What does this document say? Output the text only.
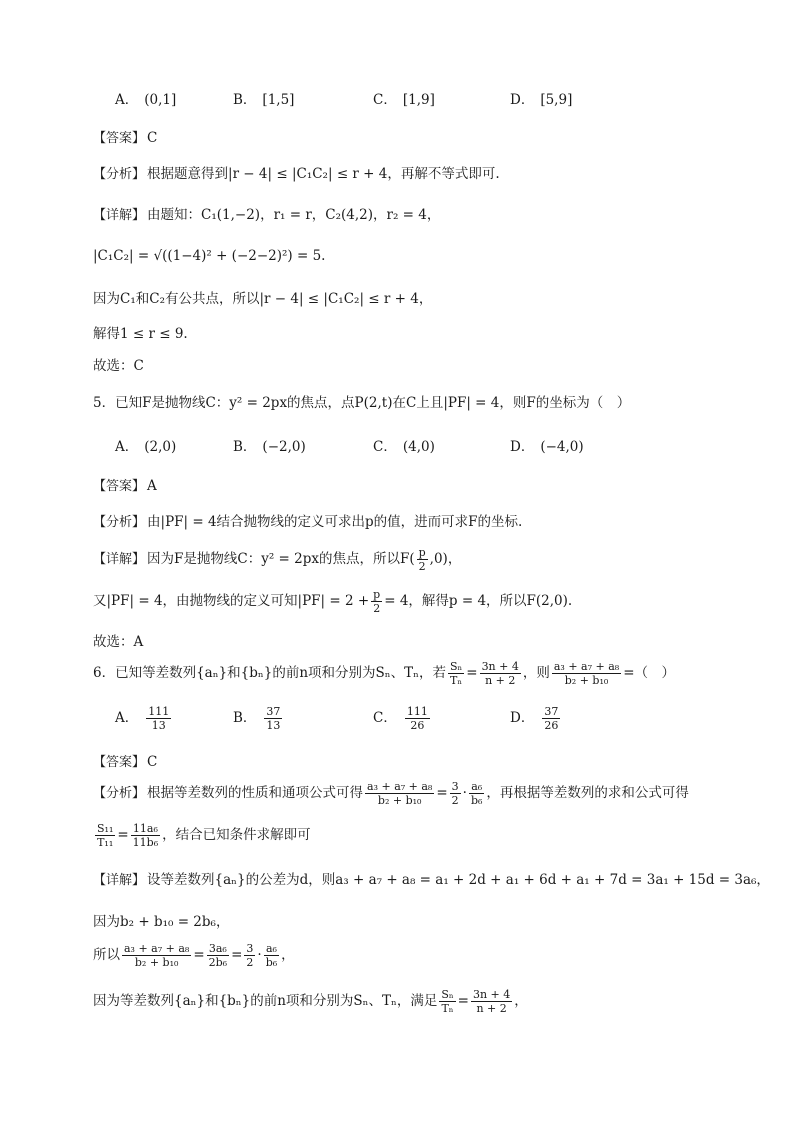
A． (0,1]	B． [1,5]	C． [1,9]	D． [5,9]
【答案】 C
【分析】 根据题意得到|r − 4| ≤ |C₁C₂| ≤ r + 4，再解不等式即可.
【详解】 由题知：C₁(1,−2)，r₁ = r，C₂(4,2)，r₂ = 4，
|C₁C₂| = √((1−4)² + (−2−2)²) = 5.
因为C₁和C₂有公共点，所以|r − 4| ≤ |C₁C₂| ≤ r + 4，
解得1 ≤ r ≤ 9.
故选：C
5．已知F是抛物线C：y² = 2px的焦点，点P(2,t)在C上且|PF| = 4，则F的坐标为（　）
A． (2,0)	B． (−2,0)	C． (4,0)	D． (−4,0)
【答案】 A
【分析】 由|PF| = 4结合抛物线的定义可求出p的值，进而可求F的坐标.
【详解】 因为F是抛物线C：y² = 2px的焦点，所以$F( \frac{p}{2} ,0)$，
又|PF| = 4，由抛物线的定义可知$|PF| = 2 + \frac{p}{2} = 4$，解得p = 4，所以F(2,0).
故选：A
6．已知等差数列{aₙ}和{bₙ}的前n项和分别为Sₙ、Tₙ，若 $\frac{\text{Sₙ}}{\text{Tₙ}} = \frac{3n + 4}{n + 2}$ ，则 $\frac{\text{a₃ + a₇ + a₈}}{\text{b₂ + b₁₀}}$ =（　）
A． $\frac{111}{13}$	B． $\frac{37}{13}$	C． $\frac{111}{26}$	D． $\frac{37}{26}$
【答案】 C
【分析】 根据等差数列的性质和通项公式可得 $\frac{\text{a₃ + a₇ + a₈}}{\text{b₂ + b₁₀}} = \frac{3}{2} \cdot \frac{\text{a₆}}{\text{b₆}}$ ，再根据等差数列的求和公式可得
$\frac{\text{S₁₁}}{\text{T₁₁}} = \frac{\text{11a₆}}{\text{11b₆}}$ ，结合已知条件求解即可
【详解】 设等差数列{aₙ}的公差为d，则a₃ + a₇ + a₈ = a₁ + 2d + a₁ + 6d + a₁ + 7d = 3a₁ + 15d = 3a₆，
因为b₂ + b₁₀ = 2b₆，
所以 $\frac{\text{a₃ + a₇ + a₈}}{\text{b₂ + b₁₀}} = \frac{\text{3a₆}}{\text{2b₆}} = \frac{3}{2} \cdot \frac{\text{a₆}}{\text{b₆}}$ ，
因为等差数列{aₙ}和{bₙ}的前n项和分别为Sₙ、Tₙ，满足 $\frac{\text{Sₙ}}{\text{Tₙ}} = \frac{3n + 4}{n + 2}$ ，
